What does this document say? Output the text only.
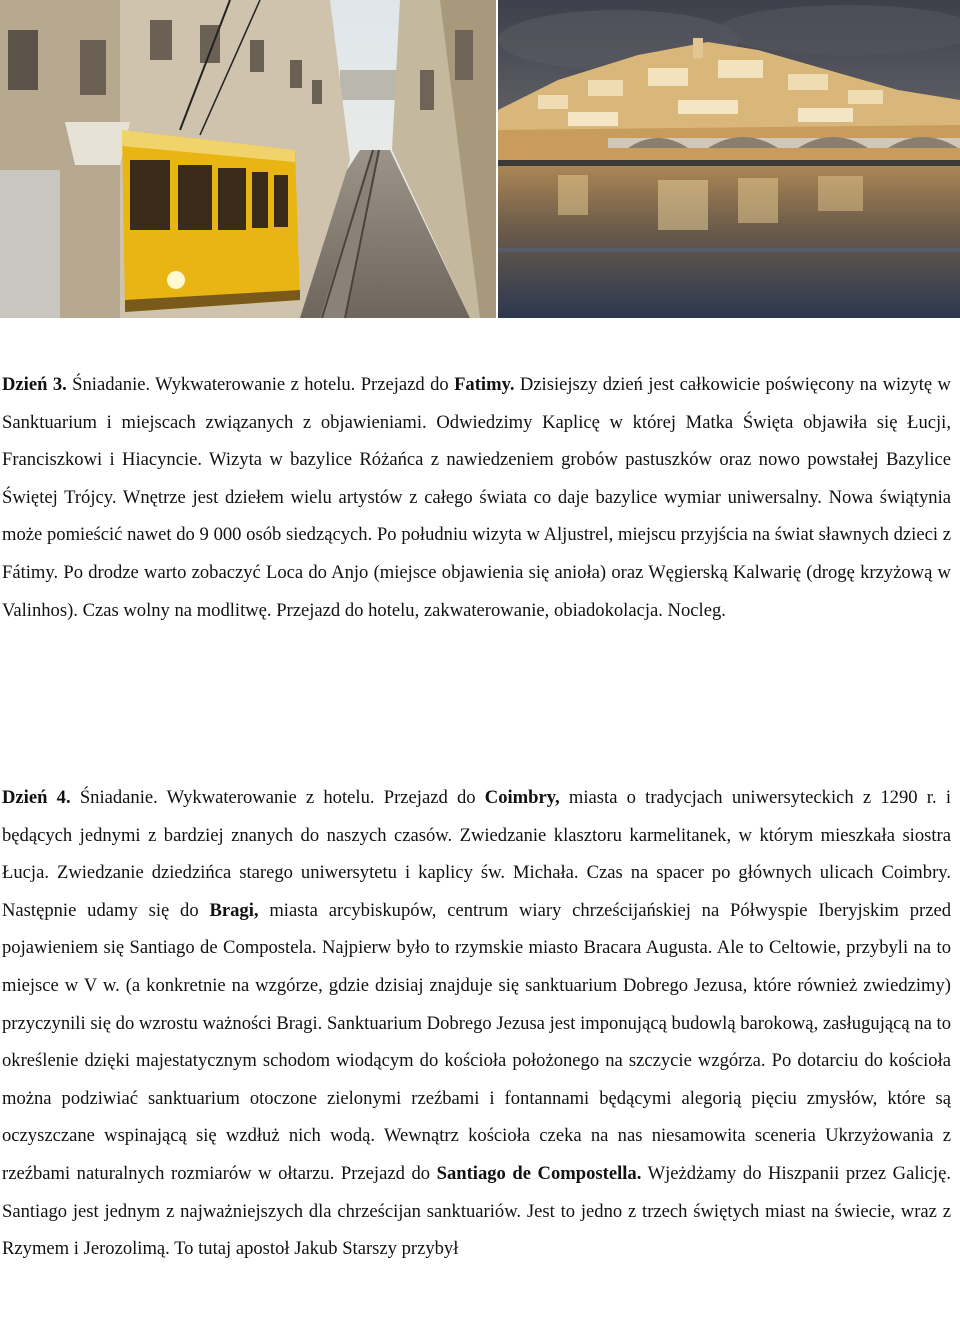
Dzień 3. Śniadanie. Wykwaterowanie z hotelu. Przejazd do Fatimy. Dzisiejszy dzień jest całkowicie poświęcony na wizytę w Sanktuarium i miejscach związanych z objawieniami. Odwiedzimy Kaplicę w której Matka Święta objawiła się Łucji, Franciszkowi i Hiacyncie. Wizyta w bazylice Różańca z nawiedzeniem grobów pastuszków oraz nowo powstałej Bazylice Świętej Trójcy. Wnętrze jest dziełem wielu artystów z całego świata co daje bazylice wymiar uniwersalny. Nowa świątynia może pomieścić nawet do 9 000 osób siedzących. Po południu wizyta w Aljustrel, miejscu przyjścia na świat sławnych dzieci z Fátimy. Po drodze warto zobaczyć Loca do Anjo (miejsce objawienia się anioła) oraz Węgierską Kalwarię (drogę krzyżową w Valinhos). Czas wolny na modlitwę. Przejazd do hotelu, zakwaterowanie, obiadokolacja. Nocleg.
Dzień 4. Śniadanie. Wykwaterowanie z hotelu. Przejazd do Coimbry, miasta o tradycjach uniwersyteckich z 1290 r. i będących jednymi z bardziej znanych do naszych czasów. Zwiedzanie klasztoru karmelitanek, w którym mieszkała siostra Łucja. Zwiedzanie dziedzińca starego uniwersytetu i kaplicy św. Michała. Czas na spacer po głównych ulicach Coimbry. Następnie udamy się do Bragi, miasta arcybiskupów, centrum wiary chrześcijańskiej na Półwyspie Iberyjskim przed pojawieniem się Santiago de Compostela. Najpierw było to rzymskie miasto Bracara Augusta. Ale to Celtowie, przybyli na to miejsce w V w. (a konkretnie na wzgórze, gdzie dzisiaj znajduje się sanktuarium Dobrego Jezusa, które również zwiedzimy) przyczynili się do wzrostu ważności Bragi. Sanktuarium Dobrego Jezusa jest imponującą budowlą barokową, zasługującą na to określenie dzięki majestatycznym schodom wiodącym do kościoła położonego na szczycie wzgórza. Po dotarciu do kościoła można podziwiać sanktuarium otoczone zielonymi rzeźbami i fontannami będącymi alegorią pięciu zmysłów, które są oczyszczane wspinającą się wzdłuż nich wodą. Wewnątrz kościoła czeka na nas niesamowita sceneria Ukrzyżowania z rzeźbami naturalnych rozmiarów w ołtarzu. Przejazd do Santiago de Compostella. Wjeżdżamy do Hiszpanii przez Galicję. Santiago jest jednym z najważniejszych dla chrześcijan sanktuariów. Jest to jedno z trzech świętych miast na świecie, wraz z Rzymem i Jerozolimą. To tutaj apostoł Jakub Starszy przybył
